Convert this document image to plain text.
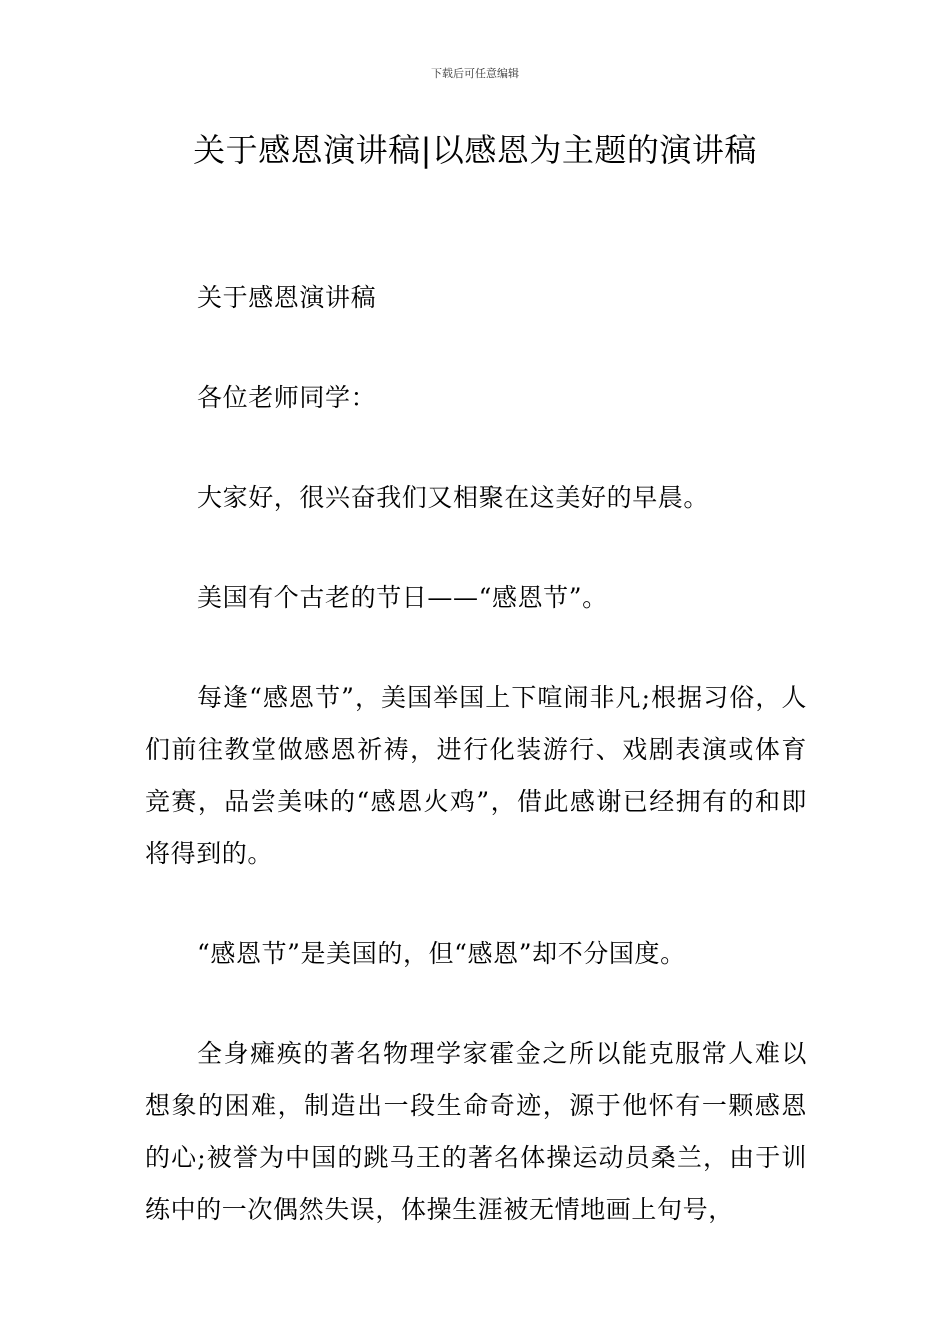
下载后可任意编辑
关于感恩演讲稿|以感恩为主题的演讲稿

关于感恩演讲稿

各位老师同学：

大家好，很兴奋我们又相聚在这美好的早晨。

美国有个古老的节日——“感恩节”。

每逢“感恩节”，美国举国上下喧闹非凡;根据习俗，人们前往教堂做感恩祈祷，进行化装游行、戏剧表演或体育竞赛，品尝美味的“感恩火鸡”，借此感谢已经拥有的和即将得到的。

“感恩节”是美国的，但“感恩”却不分国度。

全身瘫痪的著名物理学家霍金之所以能克服常人难以想象的困难，制造出一段生命奇迹，源于他怀有一颗感恩的心;被誉为中国的跳马王的著名体操运动员桑兰，由于训练中的一次偶然失误，体操生涯被无情地画上句号，
